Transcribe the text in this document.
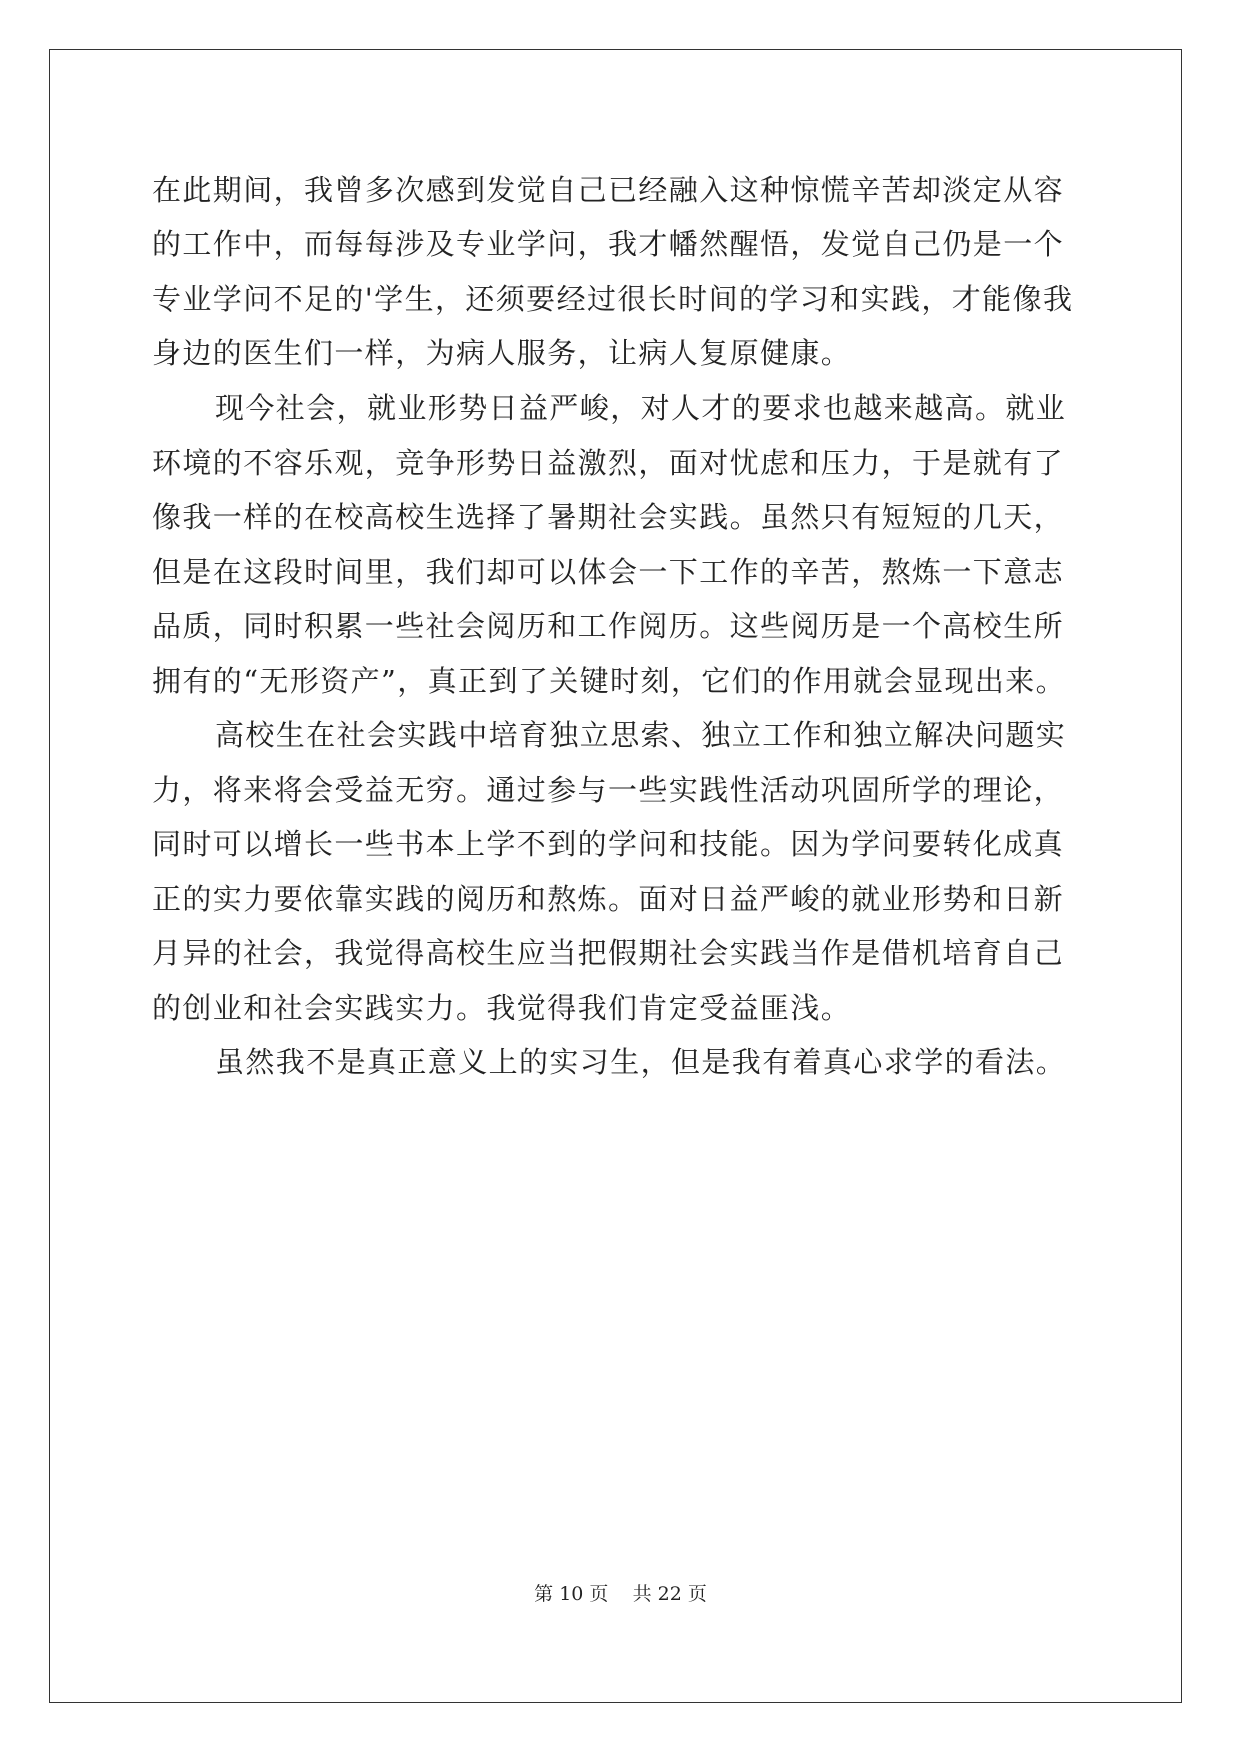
在此期间，我曾多次感到发觉自己已经融入这种惊慌辛苦却淡定从容
的工作中，而每每涉及专业学问，我才幡然醒悟，发觉自己仍是一个
专业学问不足的'学生，还须要经过很长时间的学习和实践，才能像我
身边的医生们一样，为病人服务，让病人复原健康。
现今社会，就业形势日益严峻，对人才的要求也越来越高。就业
环境的不容乐观，竞争形势日益激烈，面对忧虑和压力，于是就有了
像我一样的在校高校生选择了暑期社会实践。虽然只有短短的几天，
但是在这段时间里，我们却可以体会一下工作的辛苦，熬炼一下意志
品质，同时积累一些社会阅历和工作阅历。这些阅历是一个高校生所
拥有的“无形资产”，真正到了关键时刻，它们的作用就会显现出来。
高校生在社会实践中培育独立思索、独立工作和独立解决问题实
力，将来将会受益无穷。通过参与一些实践性活动巩固所学的理论，
同时可以增长一些书本上学不到的学问和技能。因为学问要转化成真
正的实力要依靠实践的阅历和熬炼。面对日益严峻的就业形势和日新
月异的社会，我觉得高校生应当把假期社会实践当作是借机培育自己
的创业和社会实践实力。我觉得我们肯定受益匪浅。
虽然我不是真正意义上的实习生，但是我有着真心求学的看法。
第 10 页    共 22 页
